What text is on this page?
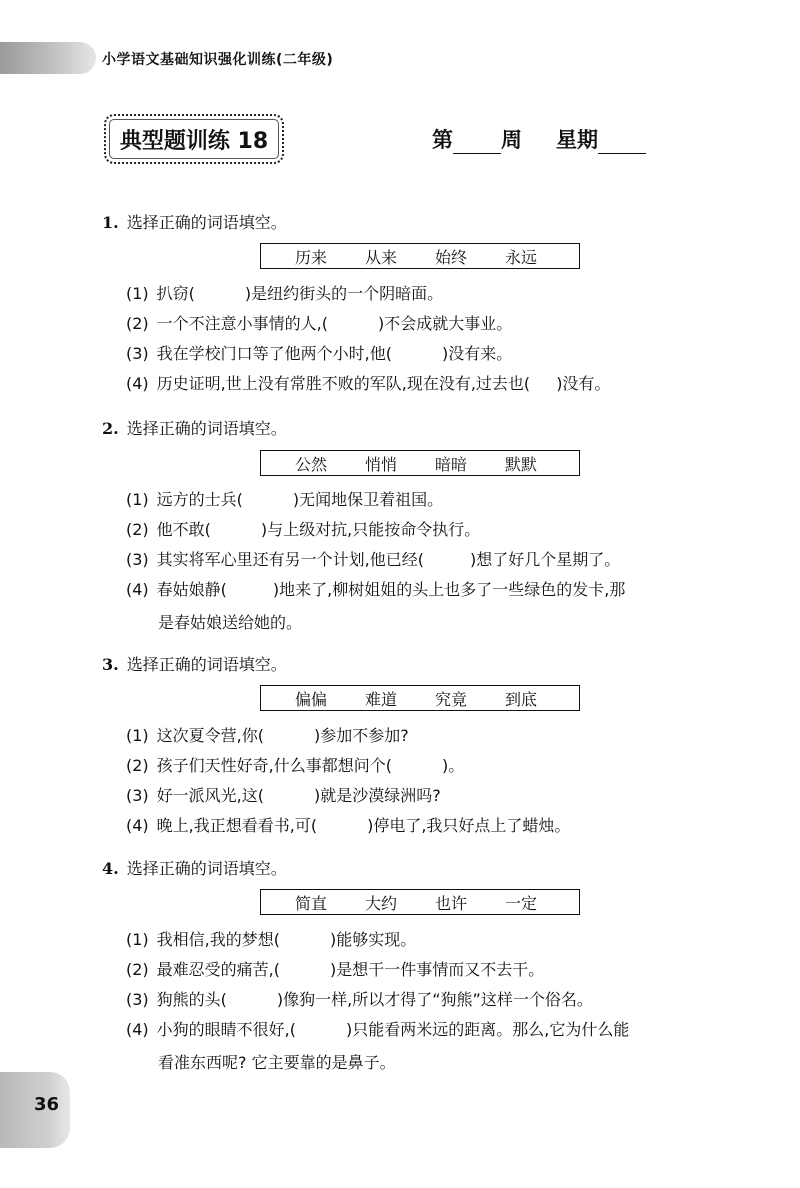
小学语文基础知识强化训练(二年级)
典型题训练 18	第 周 星期
1. 选择正确的词语填空。
历来 从来 始终 永远
(1) 扒窃(	)是纽约街头的一个阴暗面。
(2) 一个不注意小事情的人,(	)不会成就大事业。
(3) 我在学校门口等了他两个小时,他(	)没有来。
(4) 历史证明,世上没有常胜不败的军队,现在没有,过去也( )没有。
2. 选择正确的词语填空。
公然 悄悄 暗暗 默默
(1) 远方的士兵(	)无闻地保卫着祖国。
(2) 他不敢(	)与上级对抗,只能按命令执行。
(3) 其实将军心里还有另一个计划,他已经(	)想了好几个星期了。
(4) 春姑娘静(	)地来了,柳树姐姐的头上也多了一些绿色的发卡,那
是春姑娘送给她的。
3. 选择正确的词语填空。
偏偏 难道 究竟 到底
(1) 这次夏令营,你(	)参加不参加?
(2) 孩子们天性好奇,什么事都想问个(	)。
(3) 好一派风光,这(	)就是沙漠绿洲吗?
(4) 晚上,我正想看看书,可(	)停电了,我只好点上了蜡烛。
4. 选择正确的词语填空。
简直 大约 也许 一定
(1) 我相信,我的梦想(	)能够实现。
(2) 最难忍受的痛苦,(	)是想干一件事情而又不去干。
(3) 狗熊的头(	)像狗一样,所以才得了“狗熊”这样一个俗名。
(4) 小狗的眼睛不很好,(	)只能看两米远的距离。那么,它为什么能
看准东西呢? 它主要靠的是鼻子。
36
